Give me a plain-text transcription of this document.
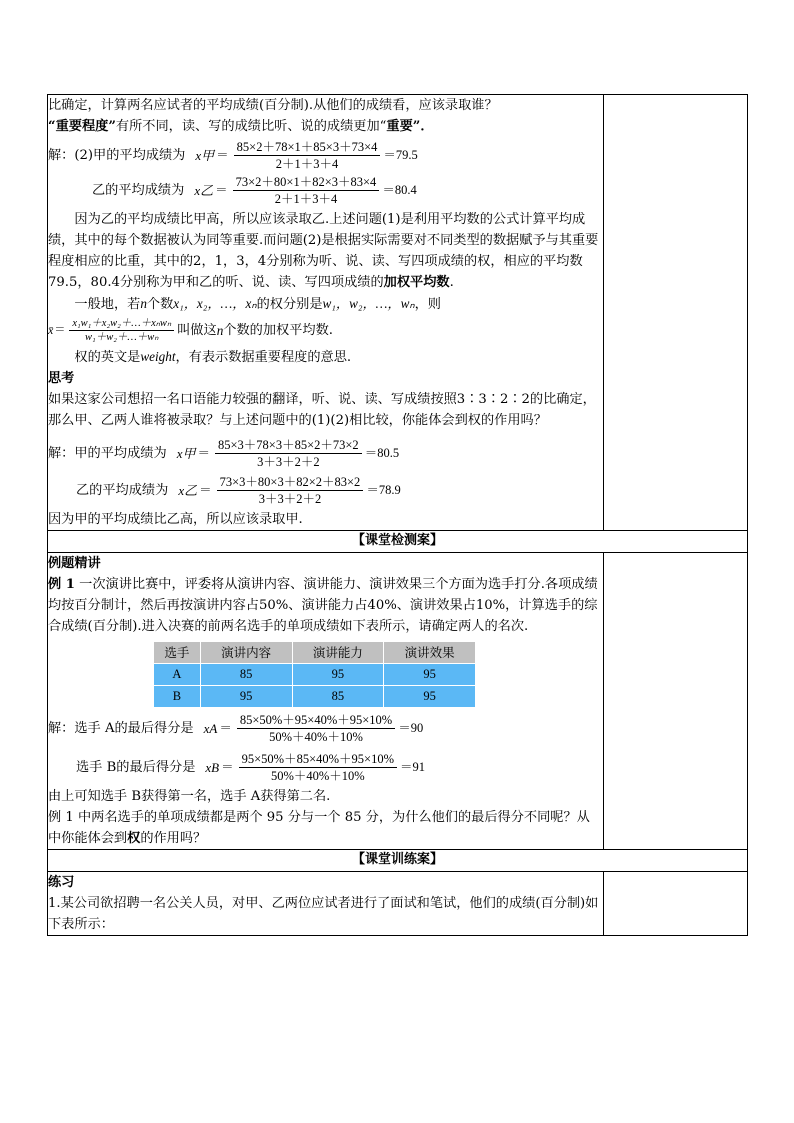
比确定，计算两名应试者的平均成绩(百分制).从他们的成绩看，应该录取谁？

“重要程度”有所不同，读、写的成绩比听、说的成绩更加“重要”．

解：(2)甲的平均成绩为 x甲 ＝ $\frac{85\times 2+78\times 1+85\times 3+73\times 4}{2+1+3+4} =79.5$
乙的平均成绩为 x乙 ＝ $\frac{73\times 2+80\times 1+82\times 3+83\times 4}{2+1+3+4} =80.4$

因为乙的平均成绩比甲高，所以应该录取乙.上述问题(1)是利用平均数的公式计算平均成绩，其中的每个数据被认为同等重要.而问题(2)是根据实际需要对不同类型的数据赋予与其重要程度相应的比重，其中的2，1，3，4分别称为听、说、读、写四项成绩的权，相应的平均数79.5，80.4分别称为甲和乙的听、说、读、写四项成绩的加权平均数.

一般地，若n个数x₁，x₂，…，xₙ的权分别是w₁，w₂，…，wₙ，则

x̄ ＝ $\frac{\text{x₁w₁＋x₂w₂＋…＋xₙwₙ}}{\text{w₁＋w₂＋…＋wₙ}}$ 叫做这 n 个数的加权平均数.

权的英文是weight，有表示数据重要程度的意思.

思考

如果这家公司想招一名口语能力较强的翻译，听、说、读、写成绩按照3∶3∶2∶2的比确定，那么甲、乙两人谁将被录取？与上述问题中的(1)(2)相比较，你能体会到权的作用吗？

解：甲的平均成绩为 x甲 ＝ $\frac{85\times 3+78\times 3+85\times 2+73\times 2}{3+3+2+2} =80.5$
乙的平均成绩为 x乙 ＝ $\frac{73\times 3+80\times 3+82\times 2+83\times 2}{3+3+2+2} =78.9$

因为甲的平均成绩比乙高，所以应该录取甲.

【课堂检测案】

例题精讲

例 1 一次演讲比赛中，评委将从演讲内容、演讲能力、演讲效果三个方面为选手打分.各项成绩均按百分制计，然后再按演讲内容占50%、演讲能力占40%、演讲效果占10%，计算选手的综合成绩(百分制).进入决赛的前两名选手的单项成绩如下表所示，请确定两人的名次.

选手	演讲内容	演讲能力	演讲效果
A	85	95	95
B	95	85	95
解：选手 A的最后得分是 xA ＝ $\frac{85\times 50\%+95\times 40\%+95\times 10\%}{50\%+40\%+10\%} =90$
选手 B的最后得分是 xB ＝ $\frac{95\times 50\%+85\times 40\%+95\times 10\%}{50\%+40\%+10\%} =91$

由上可知选手 B获得第一名，选手 A获得第二名.

例 1 中两名选手的单项成绩都是两个 95 分与一个 85 分，为什么他们的最后得分不同呢？从中你能体会到权的作用吗？

【课堂训练案】

练习

1.某公司欲招聘一名公关人员，对甲、乙两位应试者进行了面试和笔试，他们的成绩(百分制)如下表所示：
